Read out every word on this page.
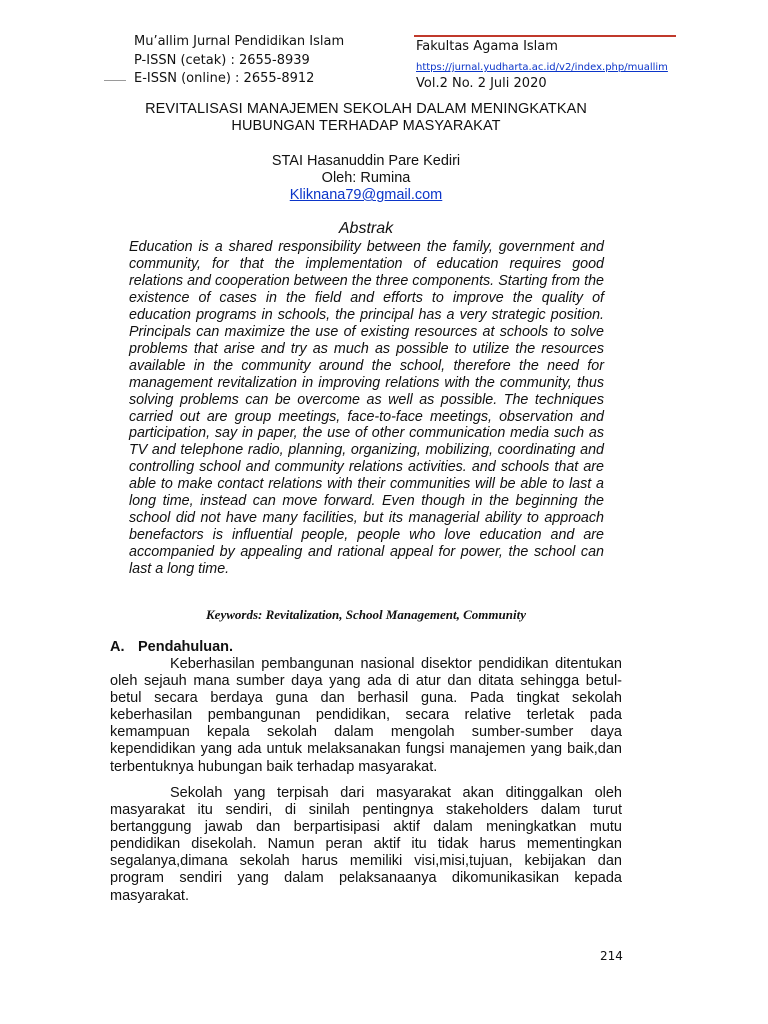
Mu’allim Jurnal Pendidikan Islam
P-ISSN (cetak) : 2655-8939
E-ISSN (online) : 2655-8912
Fakultas Agama Islam
https://jurnal.yudharta.ac.id/v2/index.php/muallim
Vol.2 No. 2 Juli 2020
REVITALISASI MANAJEMEN SEKOLAH DALAM MENINGKATKAN
HUBUNGAN TERHADAP MASYARAKAT
STAI Hasanuddin Pare Kediri
Oleh: Rumina
Kliknana79@gmail.com
Abstrak
Education is a shared responsibility between the family, government and community, for that the implementation of education requires good relations and cooperation between the three components. Starting from the existence of cases in the field and efforts to improve the quality of education programs in schools, the principal has a very strategic position. Principals can maximize the use of existing resources at schools to solve problems that arise and try as much as possible to utilize the resources available in the community around the school, therefore the need for management revitalization in improving relations with the community, thus solving problems can be overcome as well as possible. The techniques carried out are group meetings, face-to-face meetings, observation and participation, say in paper, the use of other communication media such as TV and telephone radio, planning, organizing, mobilizing, coordinating and controlling school and community relations activities. and schools that are able to make contact relations with their communities will be able to last a long time, instead can move forward. Even though in the beginning the school did not have many facilities, but its managerial ability to approach benefactors is influential people, people who love education and are accompanied by appealing and rational appeal for power, the school can last a long time.
Keywords: Revitalization, School Management, Community
A. Pendahuluan.
Keberhasilan pembangunan nasional disektor pendidikan ditentukan oleh sejauh mana sumber daya yang ada di atur dan ditata sehingga betul-betul secara berdaya guna dan berhasil guna. Pada tingkat sekolah keberhasilan pembangunan pendidikan, secara relative terletak pada kemampuan kepala sekolah dalam mengolah sumber-sumber daya kependidikan yang ada untuk melaksanakan fungsi manajemen yang baik,dan terbentuknya hubungan baik terhadap masyarakat.
Sekolah yang terpisah dari masyarakat akan ditinggalkan oleh masyarakat itu sendiri, di sinilah pentingnya stakeholders dalam turut bertanggung jawab dan berpartisipasi aktif dalam meningkatkan mutu pendidikan disekolah. Namun peran aktif itu tidak harus mementingkan segalanya,dimana sekolah harus memiliki visi,misi,tujuan, kebijakan dan program sendiri yang dalam pelaksanaanya dikomunikasikan kepada masyarakat.
214
